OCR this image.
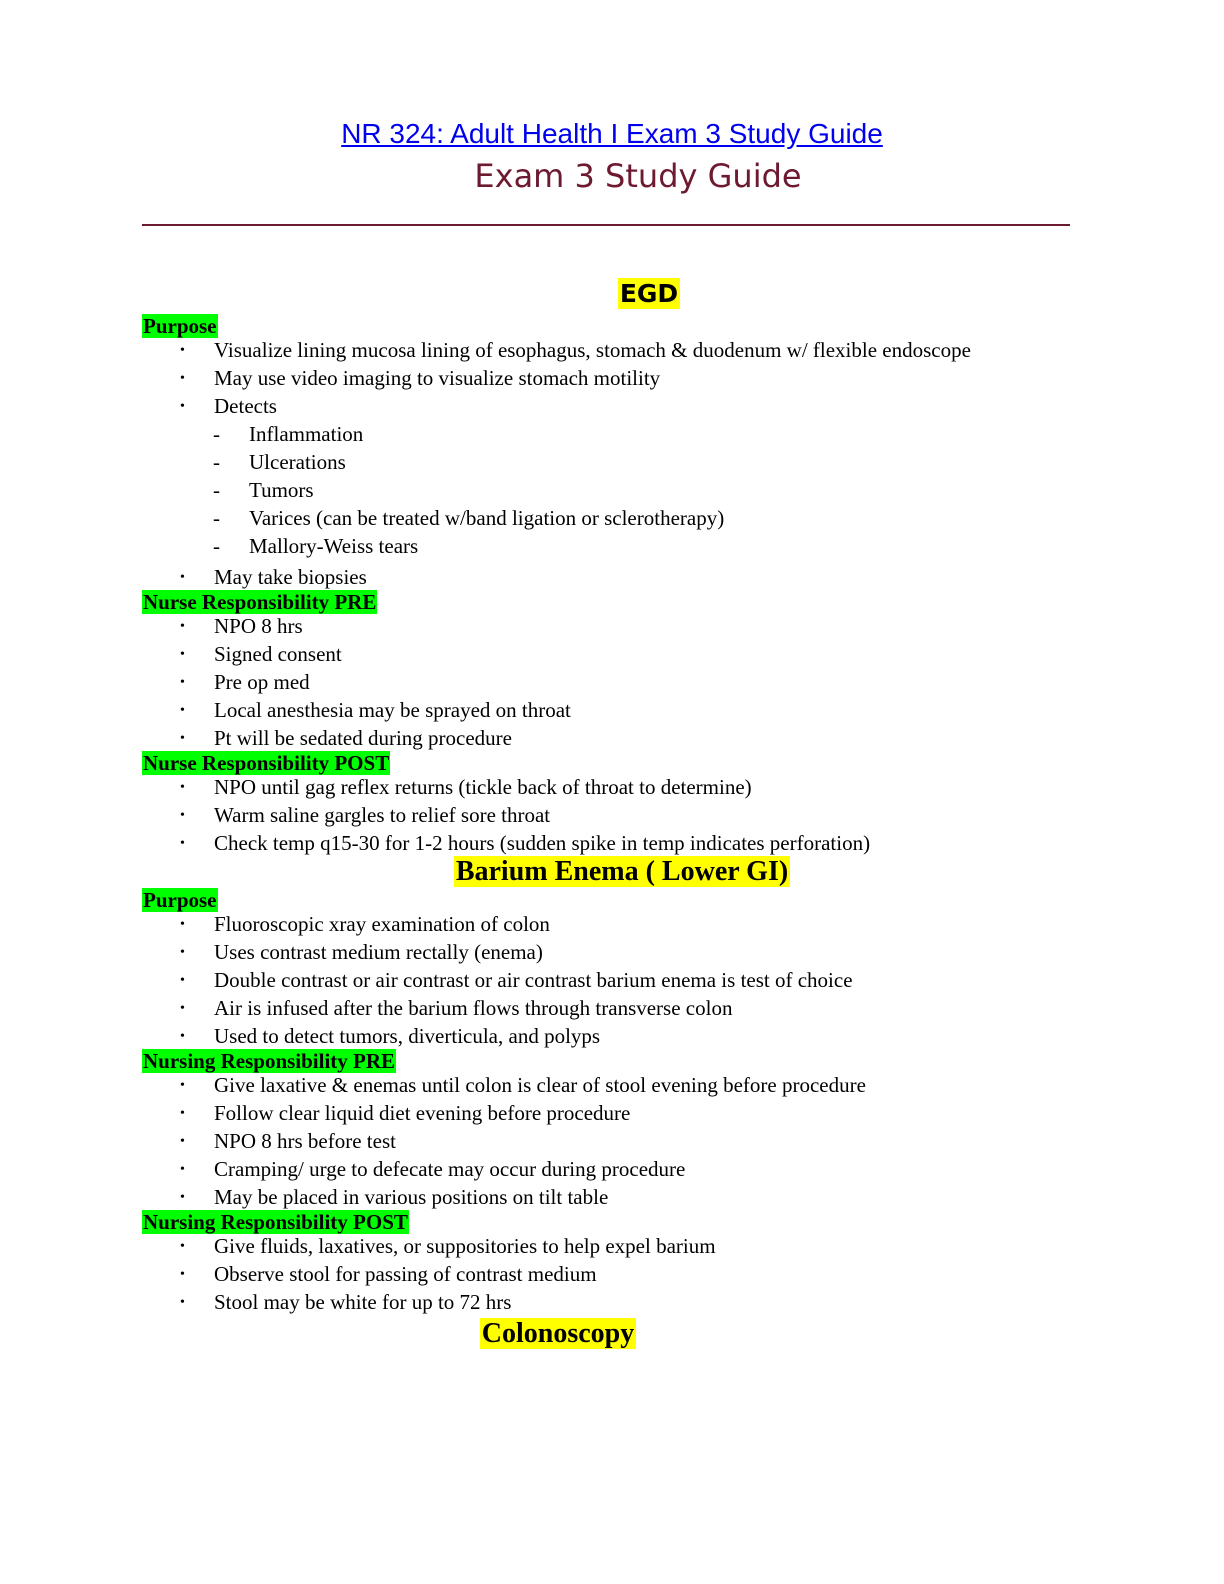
NR 324: Adult Health I Exam 3 Study Guide
Exam 3 Study Guide
EGD
Purpose
• Visualize lining mucosa lining of esophagus, stomach & duodenum w/ flexible endoscope
• May use video imaging to visualize stomach motility
• Detects
- Inflammation
- Ulcerations
- Tumors
- Varices (can be treated w/band ligation or sclerotherapy)
- Mallory-Weiss tears
• May take biopsies
Nurse Responsibility PRE
• NPO 8 hrs
• Signed consent
• Pre op med
• Local anesthesia may be sprayed on throat
• Pt will be sedated during procedure
Nurse Responsibility POST
• NPO until gag reflex returns (tickle back of throat to determine)
• Warm saline gargles to relief sore throat
• Check temp q15-30 for 1-2 hours (sudden spike in temp indicates perforation)
Barium Enema ( Lower GI)
Purpose
• Fluoroscopic xray examination of colon
• Uses contrast medium rectally (enema)
• Double contrast or air contrast or air contrast barium enema is test of choice
• Air is infused after the barium flows through transverse colon
• Used to detect tumors, diverticula, and polyps
Nursing Responsibility PRE
• Give laxative & enemas until colon is clear of stool evening before procedure
• Follow clear liquid diet evening before procedure
• NPO 8 hrs before test
• Cramping/ urge to defecate may occur during procedure
• May be placed in various positions on tilt table
Nursing Responsibility POST
• Give fluids, laxatives, or suppositories to help expel barium
• Observe stool for passing of contrast medium
• Stool may be white for up to 72 hrs
Colonoscopy
